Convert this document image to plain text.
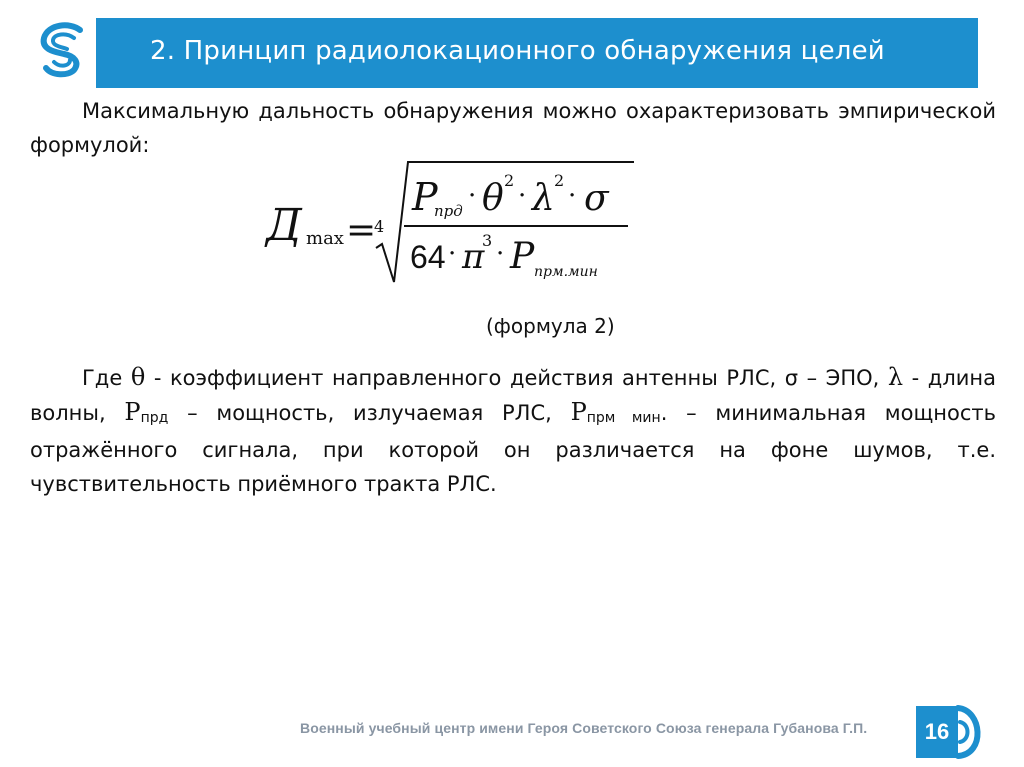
2. Принцип радиолокационного обнаружения целей
Максимальную дальность обнаружения можно охарактеризовать эмпирической формулой:
Д max =
4
P
прд · θ 2
· λ 2
· σ
64 · π
3 · P прм.мин
(формула 2)
Где θ - коэффициент направленного действия антенны РЛС, σ – ЭПО, λ - длина волны, Pпрд – мощность, излучаемая РЛС, Pпрм мин. – минимальная мощность отражённого сигнала, при которой он различается на фоне шумов, т.е. чувствительность приёмного тракта РЛС.
Военный учебный центр имени Героя Советского Союза генерала Губанова Г.П.	16
